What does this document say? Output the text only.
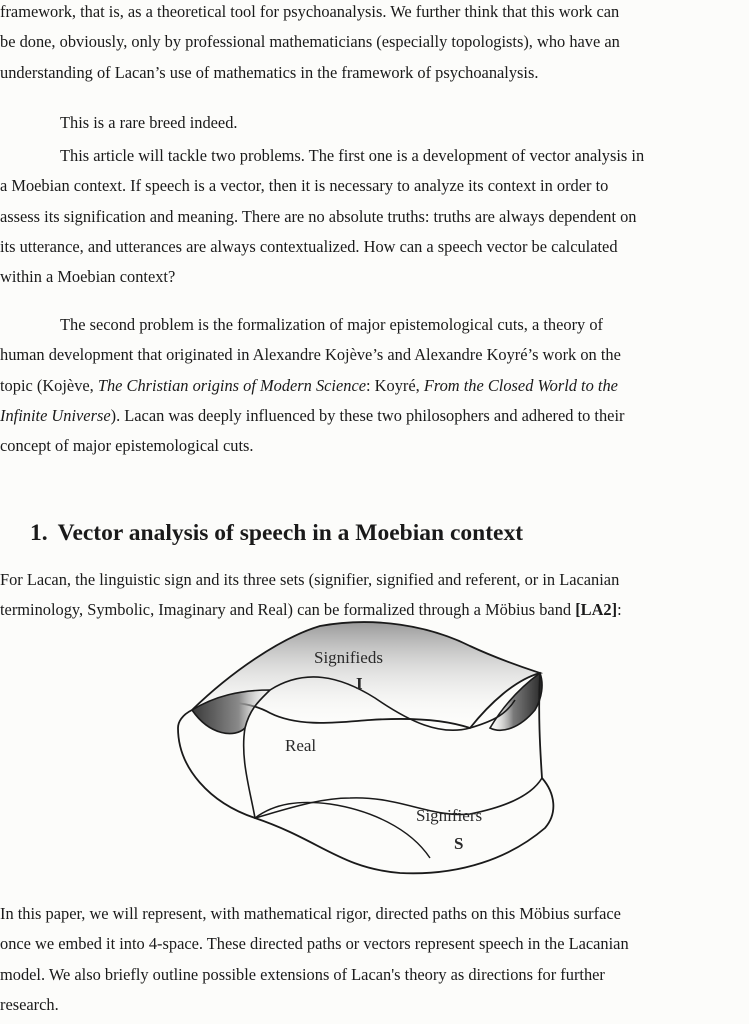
framework, that is, as a theoretical tool for psychoanalysis. We further think that this work can
be done, obviously, only by professional mathematicians (especially topologists), who have an
understanding of Lacan’s use of mathematics in the framework of psychoanalysis.

This is a rare breed indeed.

This article will tackle two problems. The first one is a development of vector analysis in
a Moebian context. If speech is a vector, then it is necessary to analyze its context in order to
assess its signification and meaning. There are no absolute truths: truths are always dependent on
its utterance, and utterances are always contextualized. How can a speech vector be calculated
within a Moebian context?

The second problem is the formalization of major epistemological cuts, a theory of
human development that originated in Alexandre Kojève’s and Alexandre Koyré’s work on the
topic (Kojève, The Christian origins of Modern Science: Koyré, From the Closed World to the
Infinite Universe). Lacan was deeply influenced by these two philosophers and adhered to their
concept of major epistemological cuts.

1. Vector analysis of speech in a Moebian context

For Lacan, the linguistic sign and its three sets (signifier, signified and referent, or in Lacanian
terminology, Symbolic, Imaginary and Real) can be formalized through a Möbius band [LA2]:

Signifieds
I
Real
Signifiers
S

In this paper, we will represent, with mathematical rigor, directed paths on this Möbius surface
once we embed it into 4-space. These directed paths or vectors represent speech in the Lacanian
model. We also briefly outline possible extensions of Lacan's theory as directions for further
research.
